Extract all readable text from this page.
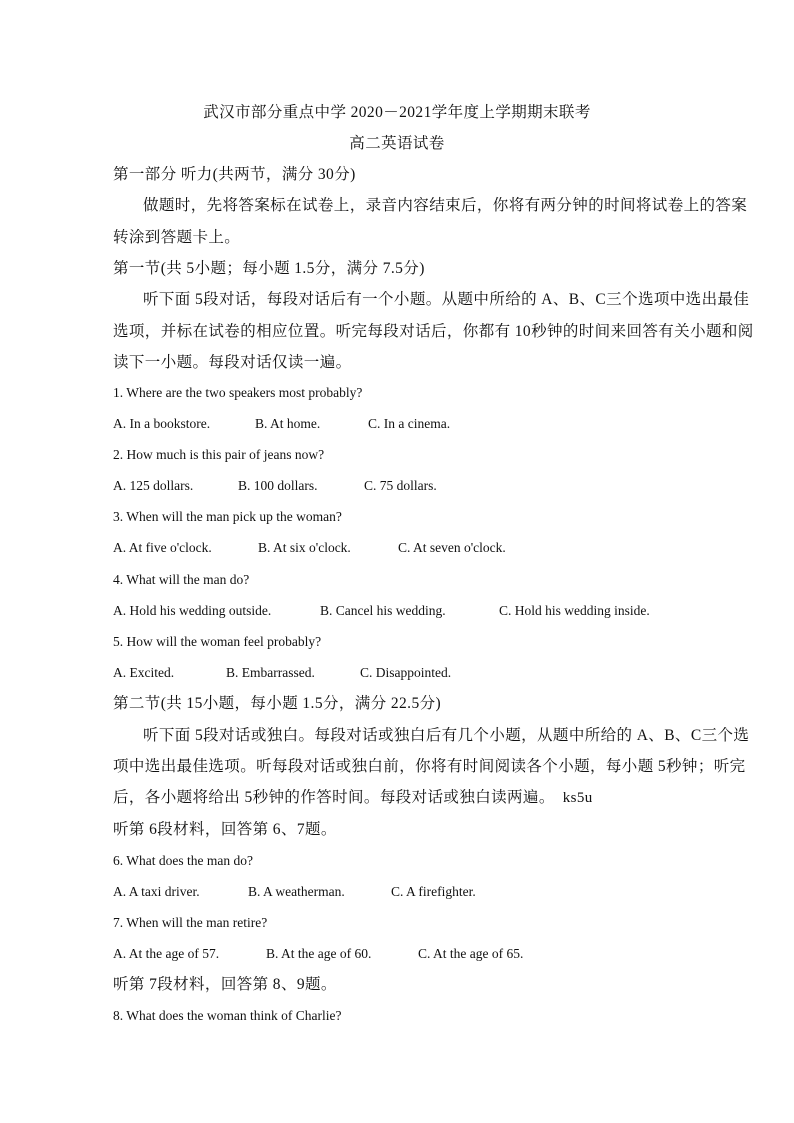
武汉市部分重点中学 2020－2021学年度上学期期末联考
高二英语试卷
第一部分 听力(共两节，满分 30分)
做题时，先将答案标在试卷上，录音内容结束后，你将有两分钟的时间将试卷上的答案
转涂到答题卡上。
第一节(共 5小题；每小题 1.5分，满分 7.5分)
听下面 5段对话，每段对话后有一个小题。从题中所给的 A、B、C三个选项中选出最佳
选项，并标在试卷的相应位置。听完每段对话后，你都有 10秒钟的时间来回答有关小题和阅
读下一小题。每段对话仅读一遍。
1. Where are the two speakers most probably?
A. In a bookstore.	B. At home.	C. In a cinema.
2. How much is this pair of jeans now?
A. 125 dollars.	B. 100 dollars.	C. 75 dollars.
3. When will the man pick up the woman?
A. At five o'clock.	B. At six o'clock.	C. At seven o'clock.
4. What will the man do?
A. Hold his wedding outside.	B. Cancel his wedding.	C. Hold his wedding inside.
5. How will the woman feel probably?
A. Excited.	B. Embarrassed.	C. Disappointed.
第二节(共 15小题，每小题 1.5分，满分 22.5分)
听下面 5段对话或独白。每段对话或独白后有几个小题，从题中所给的 A、B、C三个选
项中选出最佳选项。听每段对话或独白前，你将有时间阅读各个小题，每小题 5秒钟；听完
后，各小题将给出 5秒钟的作答时间。每段对话或独白读两遍。 ks5u
听第 6段材料，回答第 6、7题。
6. What does the man do?
A. A taxi driver.	B. A weatherman.	C. A firefighter.
7. When will the man retire?
A. At the age of 57.	B. At the age of 60.	C. At the age of 65.
听第 7段材料，回答第 8、9题。
8. What does the woman think of Charlie?
